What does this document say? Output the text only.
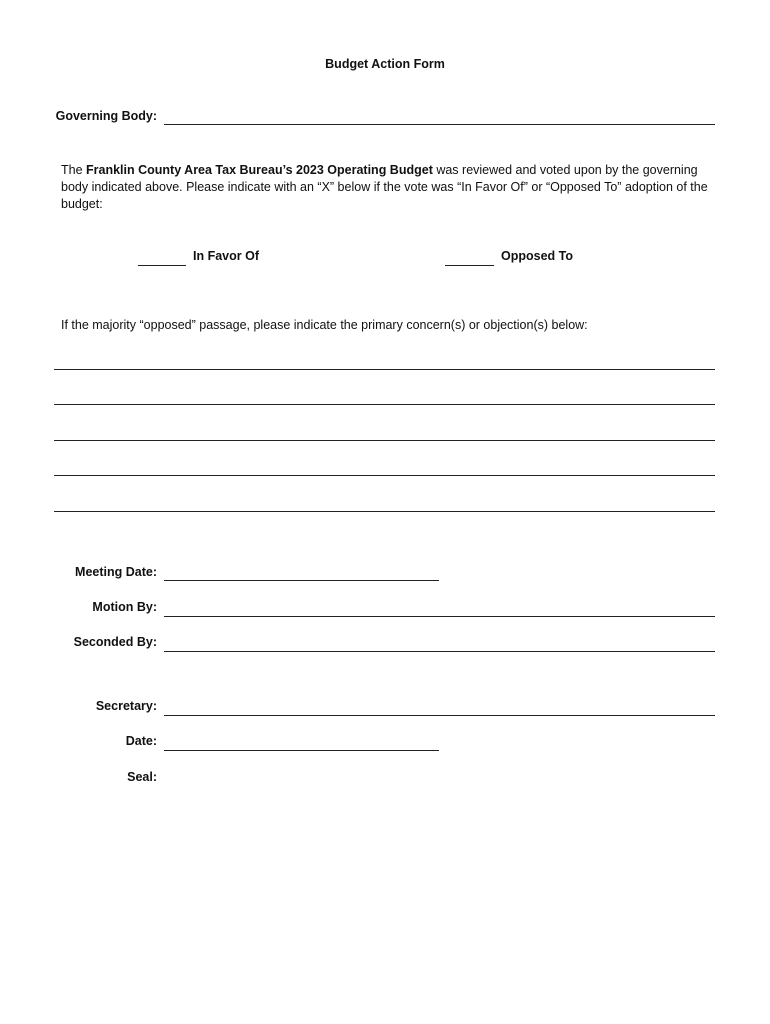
Budget Action Form
Governing Body:
The Franklin County Area Tax Bureau’s 2023 Operating Budget was reviewed and voted upon by the governing body indicated above. Please indicate with an “X” below if the vote was “In Favor Of” or “Opposed To” adoption of the budget:
In Favor Of	Opposed To
If the majority “opposed” passage, please indicate the primary concern(s) or objection(s) below:
Meeting Date:
Motion By:
Seconded By:
Secretary:
Date:
Seal:
